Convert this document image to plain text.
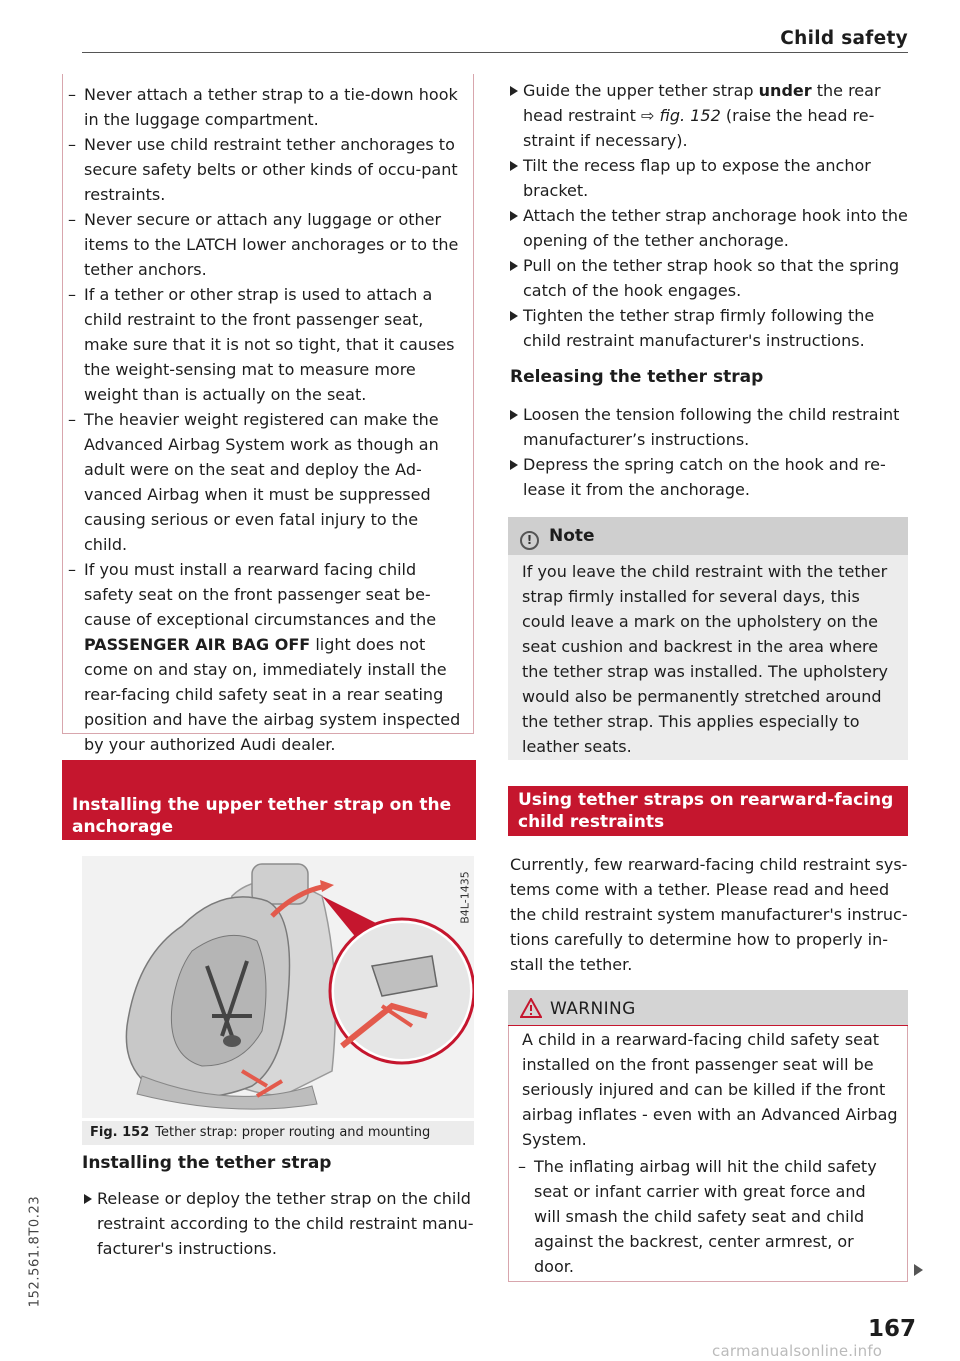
Child safety
– Never attach a tether strap to a tie-down hook in the luggage compartment.
– Never use child restraint tether anchorages to secure safety belts or other kinds of occu-pant restraints.
– Never secure or attach any luggage or other items to the LATCH lower anchorages or to the tether anchors.
– If a tether or other strap is used to attach a child restraint to the front passenger seat, make sure that it is not so tight, that it causes the weight-sensing mat to measure more weight than is actually on the seat.
– The heavier weight registered can make the Advanced Airbag System work as though an adult were on the seat and deploy the Ad-vanced Airbag when it must be suppressed causing serious or even fatal injury to the child.
– If you must install a rearward facing child safety seat on the front passenger seat be-cause of exceptional circumstances and the PASSENGER AIR BAG OFF light does not come on and stay on, immediately install the rear-facing child safety seat in a rear seating position and have the airbag system inspected by your authorized Audi dealer.
Installing the upper tether strap on the
anchorage
B4L-1435
Fig. 152 Tether strap: proper routing and mounting
Installing the tether strap
Release or deploy the tether strap on the child restraint according to the child restraint manu-facturer's instructions.
152.561.8T0.23
Guide the upper tether strap under the rear head restraint ⇨ fig. 152 (raise the head re-straint if necessary).
Tilt the recess flap up to expose the anchor bracket.
Attach the tether strap anchorage hook into the opening of the tether anchorage.
Pull on the tether strap hook so that the spring catch of the hook engages.
Tighten the tether strap firmly following the child restraint manufacturer's instructions.
Releasing the tether strap
Loosen the tension following the child restraint manufacturer’s instructions.
Depress the spring catch on the hook and re-lease it from the anchorage.
! Note
If you leave the child restraint with the tether strap firmly installed for several days, this could leave a mark on the upholstery on the seat cushion and backrest in the area where the tether strap was installed. The upholstery would also be permanently stretched around the tether strap. This applies especially to leather seats.
Using tether straps on rearward-facing
child restraints
Currently, few rearward-facing child restraint sys-tems come with a tether. Please read and heed the child restraint system manufacturer's instruc-tions carefully to determine how to properly in-stall the tether.
WARNING
A child in a rearward-facing child safety seat installed on the front passenger seat will be seriously injured and can be killed if the front airbag inflates - even with an Advanced Airbag System.
– The inflating airbag will hit the child safety seat or infant carrier with great force and will smash the child safety seat and child against the backrest, center armrest, or door.
167
carmanualsonline.info
